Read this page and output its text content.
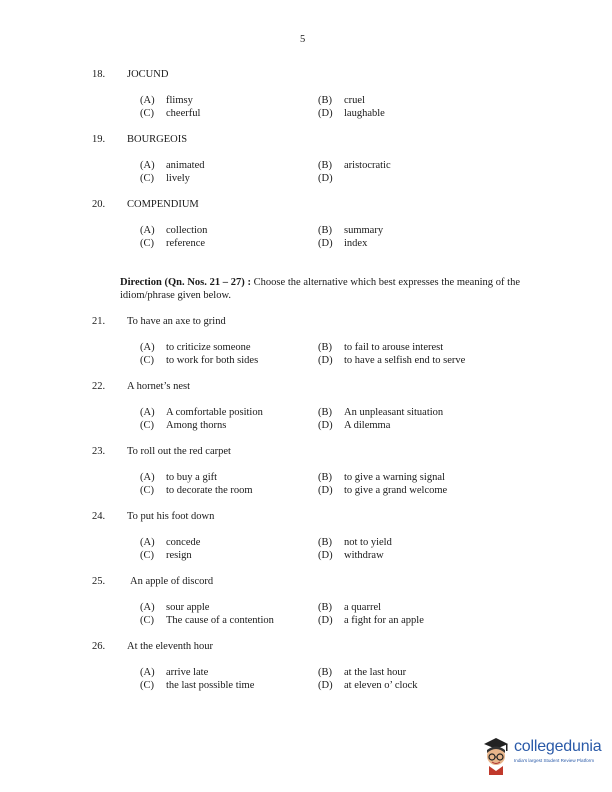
5
18. JOCUND
(A) flimsy	(B) cruel
(C) cheerful	(D) laughable
19. BOURGEOIS
(A) animated	(B) aristocratic
(C) lively	(D)
20. COMPENDIUM
(A) collection	(B) summary
(C) reference	(D) index
Direction (Qn. Nos. 21 – 27) : Choose the alternative which best expresses the meaning of the idiom/phrase given below.
21. To have an axe to grind
(A) to criticize someone	(B) to fail to arouse interest
(C) to work for both sides	(D) to have a selfish end to serve
22. A hornet’s nest
(A) A comfortable position	(B) An unpleasant situation
(C) Among thorns	(D) A dilemma
23. To roll out the red carpet
(A) to buy a gift	(B) to give a warning signal
(C) to decorate the room	(D) to give a grand welcome
24. To put his foot down
(A) concede	(B) not to yield
(C) resign	(D) withdraw
25. An apple of discord
(A) sour apple	(B) a quarrel
(C) The cause of a contention	(D) a fight for an apple
26. At the eleventh hour
(A) arrive late	(B) at the last hour
(C) the last possible time	(D) at eleven o’ clock
collegedunia
India's largest Student Review Platform
